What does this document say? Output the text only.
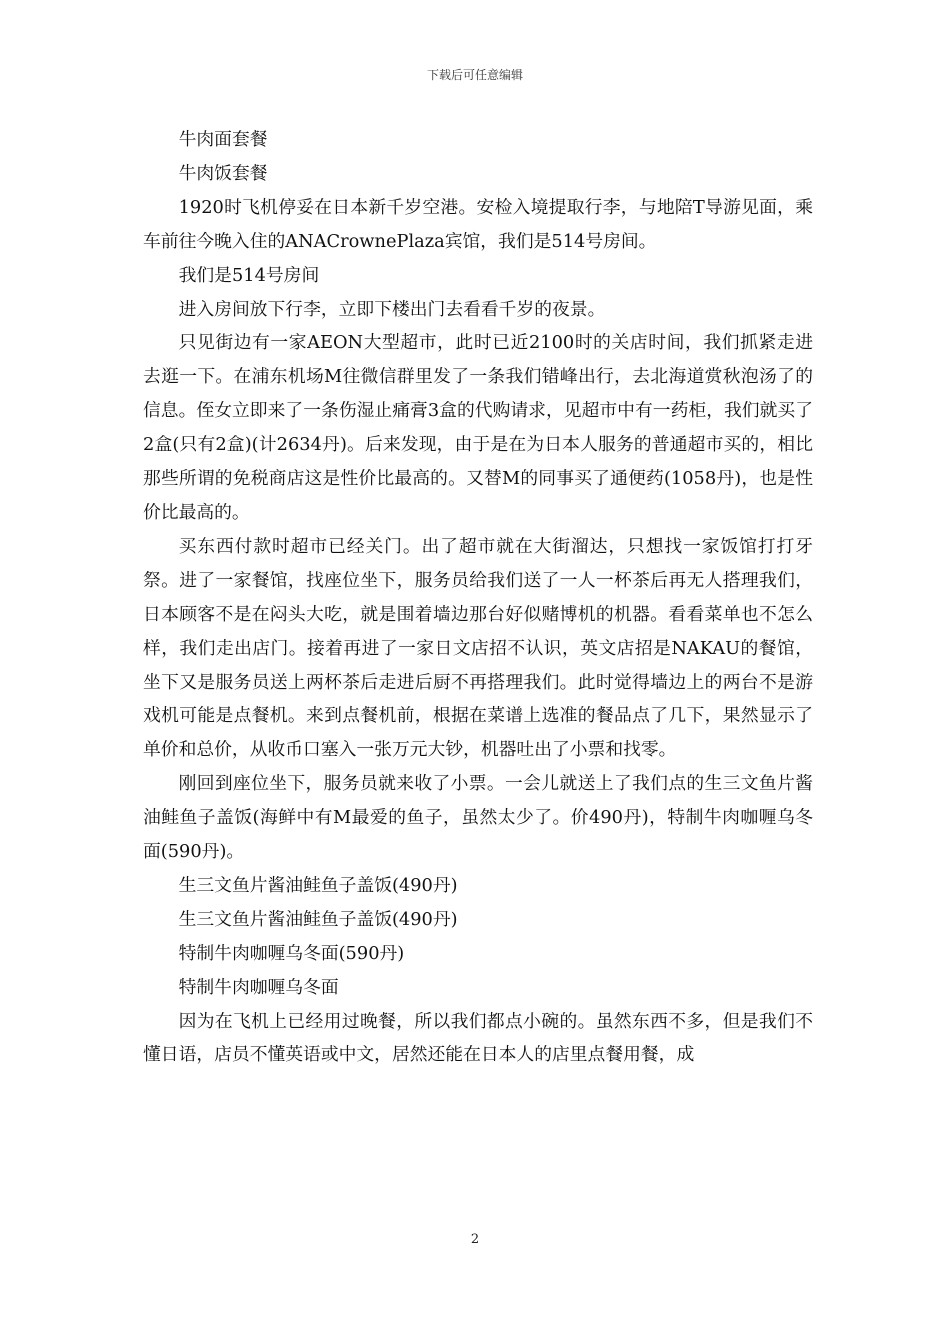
下载后可任意编辑

牛肉面套餐

牛肉饭套餐

1920时飞机停妥在日本新千岁空港。安检入境提取行李，与地陪T导游见面，乘车前往今晚入住的ANACrownePlaza宾馆，我们是514号房间。

我们是514号房间

进入房间放下行李，立即下楼出门去看看千岁的夜景。

只见街边有一家AEON大型超市，此时已近2100时的关店时间，我们抓紧走进去逛一下。在浦东机场M往微信群里发了一条我们错峰出行，去北海道赏秋泡汤了的信息。侄女立即来了一条伤湿止痛膏3盒的代购请求，见超市中有一药柜，我们就买了2盒(只有2盒)(计2634丹)。后来发现，由于是在为日本人服务的普通超市买的，相比那些所谓的免税商店这是性价比最高的。又替M的同事买了通便药(1058丹)，也是性价比最高的。

买东西付款时超市已经关门。出了超市就在大街溜达，只想找一家饭馆打打牙祭。进了一家餐馆，找座位坐下，服务员给我们送了一人一杯茶后再无人搭理我们，日本顾客不是在闷头大吃，就是围着墙边那台好似赌博机的机器。看看菜单也不怎么样，我们走出店门。接着再进了一家日文店招不认识，英文店招是NAKAU的餐馆，坐下又是服务员送上两杯茶后走进后厨不再搭理我们。此时觉得墙边上的两台不是游戏机可能是点餐机。来到点餐机前，根据在菜谱上选准的餐品点了几下，果然显示了单价和总价，从收币口塞入一张万元大钞，机器吐出了小票和找零。

刚回到座位坐下，服务员就来收了小票。一会儿就送上了我们点的生三文鱼片酱油鲑鱼子盖饭(海鲜中有M最爱的鱼子，虽然太少了。价490丹)，特制牛肉咖喱乌冬面(590丹)。

生三文鱼片酱油鲑鱼子盖饭(490丹)

生三文鱼片酱油鲑鱼子盖饭(490丹)

特制牛肉咖喱乌冬面(590丹)

特制牛肉咖喱乌冬面

因为在飞机上已经用过晚餐，所以我们都点小碗的。虽然东西不多，但是我们不懂日语，店员不懂英语或中文，居然还能在日本人的店里点餐用餐，成

2
